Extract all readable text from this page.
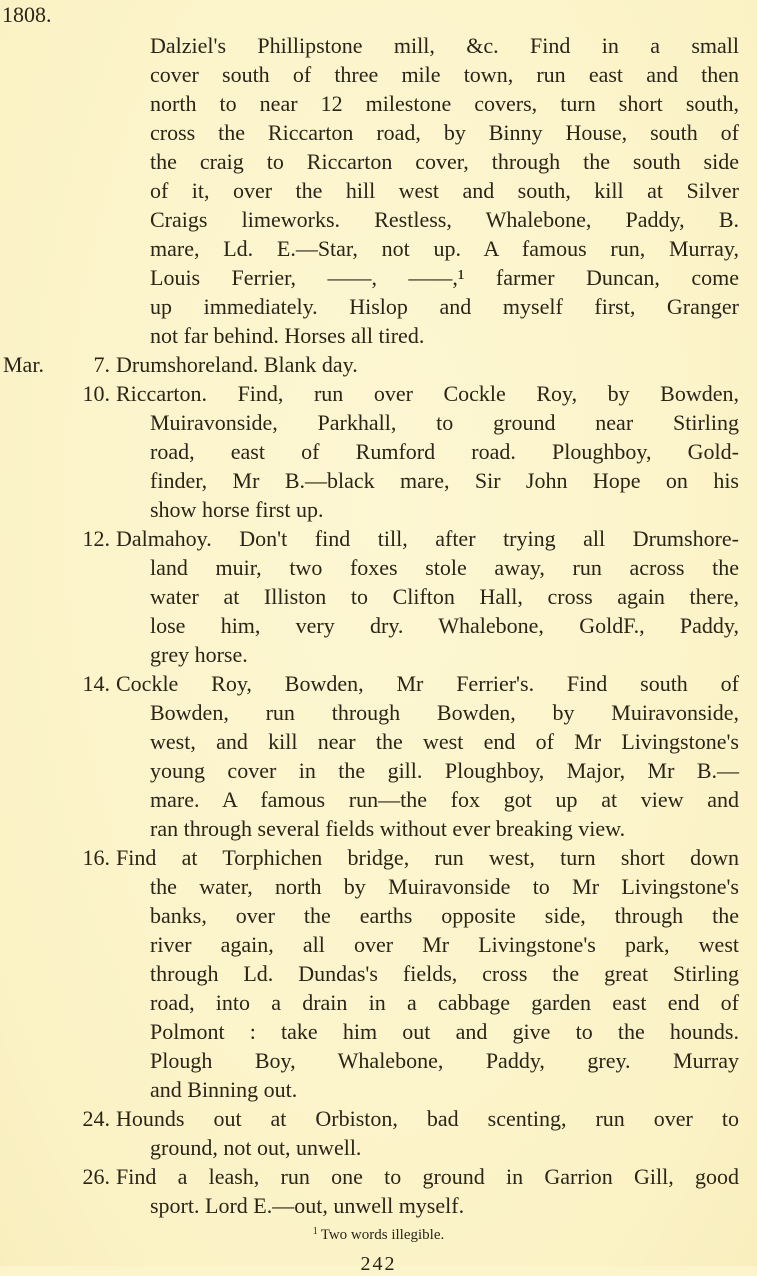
1808.
Dalziel's Phillipstone mill, &c. Find in a small
cover south of three mile town, run east and then
north to near 12 milestone covers, turn short south,
cross the Riccarton road, by Binny House, south of
the craig to Riccarton cover, through the south side
of it, over the hill west and south, kill at Silver
Craigs limeworks. Restless, Whalebone, Paddy, B.
mare, Ld. E.—Star, not up. A famous run, Murray,
Louis Ferrier, ——, ——,¹ farmer Duncan, come
up immediately. Hislop and myself first, Granger
not far behind. Horses all tired.
Mar. 7. Drumshoreland. Blank day.
10. Riccarton. Find, run over Cockle Roy, by Bowden,
Muiravonside, Parkhall, to ground near Stirling
road, east of Rumford road. Ploughboy, Gold-
finder, Mr B.—black mare, Sir John Hope on his
show horse first up.
12. Dalmahoy. Don't find till, after trying all Drumshore-
land muir, two foxes stole away, run across the
water at Illiston to Clifton Hall, cross again there,
lose him, very dry. Whalebone, GoldF., Paddy,
grey horse.
14. Cockle Roy, Bowden, Mr Ferrier's. Find south of
Bowden, run through Bowden, by Muiravonside,
west, and kill near the west end of Mr Livingstone's
young cover in the gill. Ploughboy, Major, Mr B.—
mare. A famous run—the fox got up at view and
ran through several fields without ever breaking view.
16. Find at Torphichen bridge, run west, turn short down
the water, north by Muiravonside to Mr Livingstone's
banks, over the earths opposite side, through the
river again, all over Mr Livingstone's park, west
through Ld. Dundas's fields, cross the great Stirling
road, into a drain in a cabbage garden east end of
Polmont : take him out and give to the hounds.
Plough Boy, Whalebone, Paddy, grey. Murray
and Binning out.
24. Hounds out at Orbiston, bad scenting, run over to
ground, not out, unwell.
26. Find a leash, run one to ground in Garrion Gill, good
sport. Lord E.—out, unwell myself.
$^1$ Two words illegible.
242
